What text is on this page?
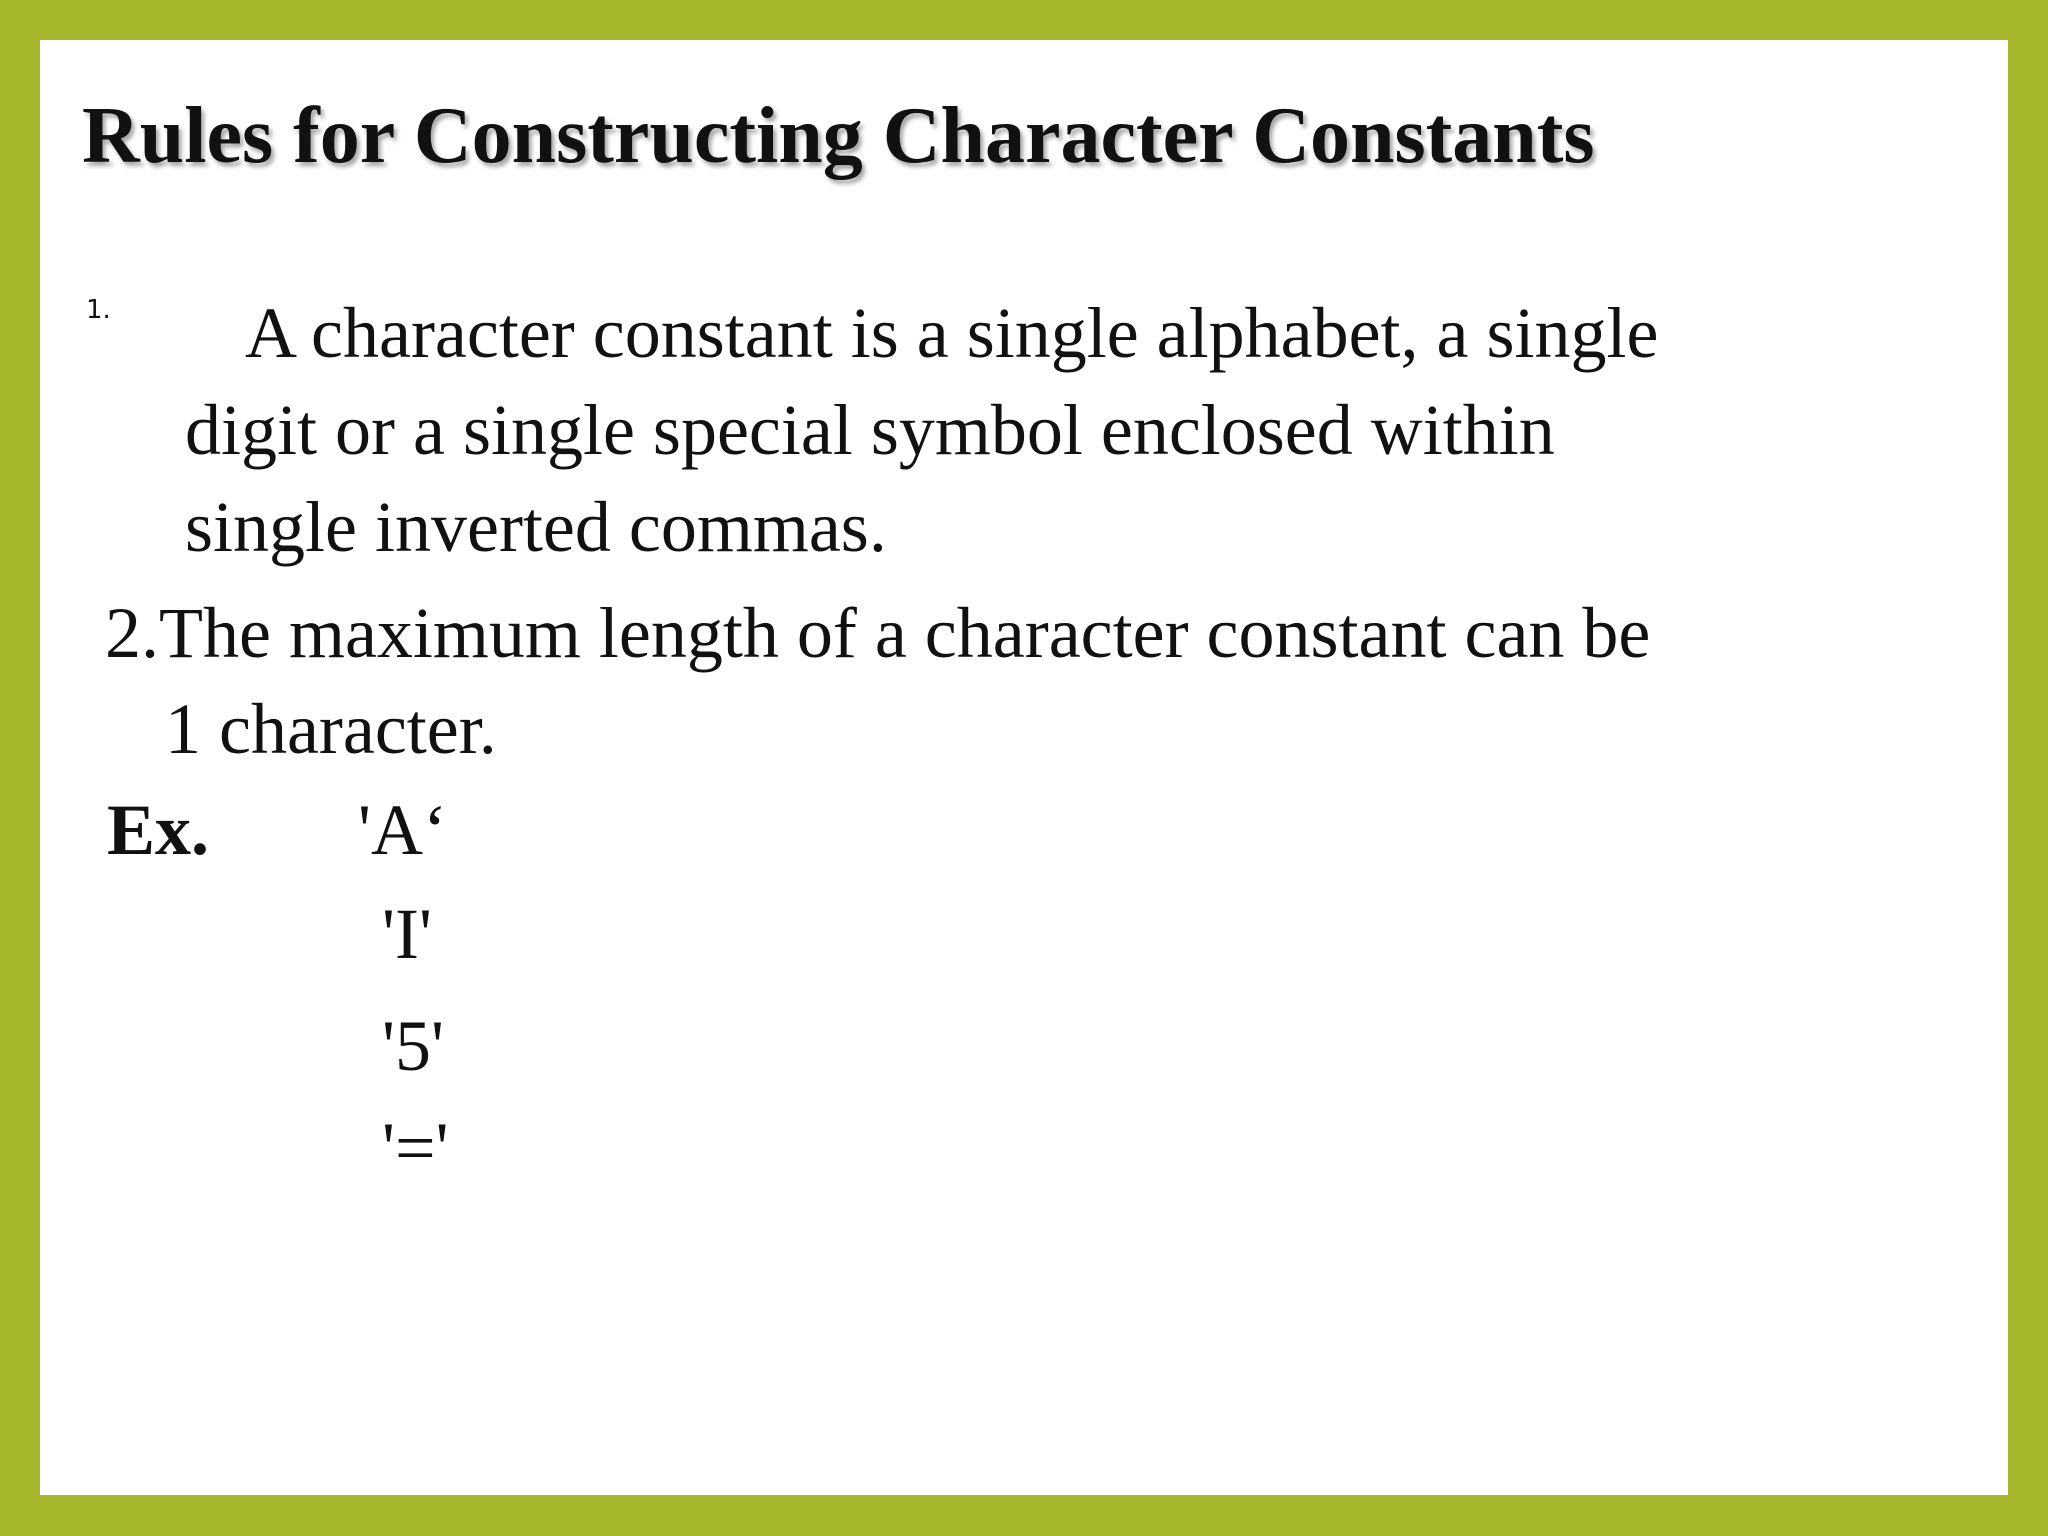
Rules for Constructing Character Constants
1.	A character constant is a single alphabet, a single
digit or a single special symbol enclosed within
single inverted commas.

2.The maximum length of a character constant can be
1 character.

Ex. 'A‘
'I'
'5'
'='
